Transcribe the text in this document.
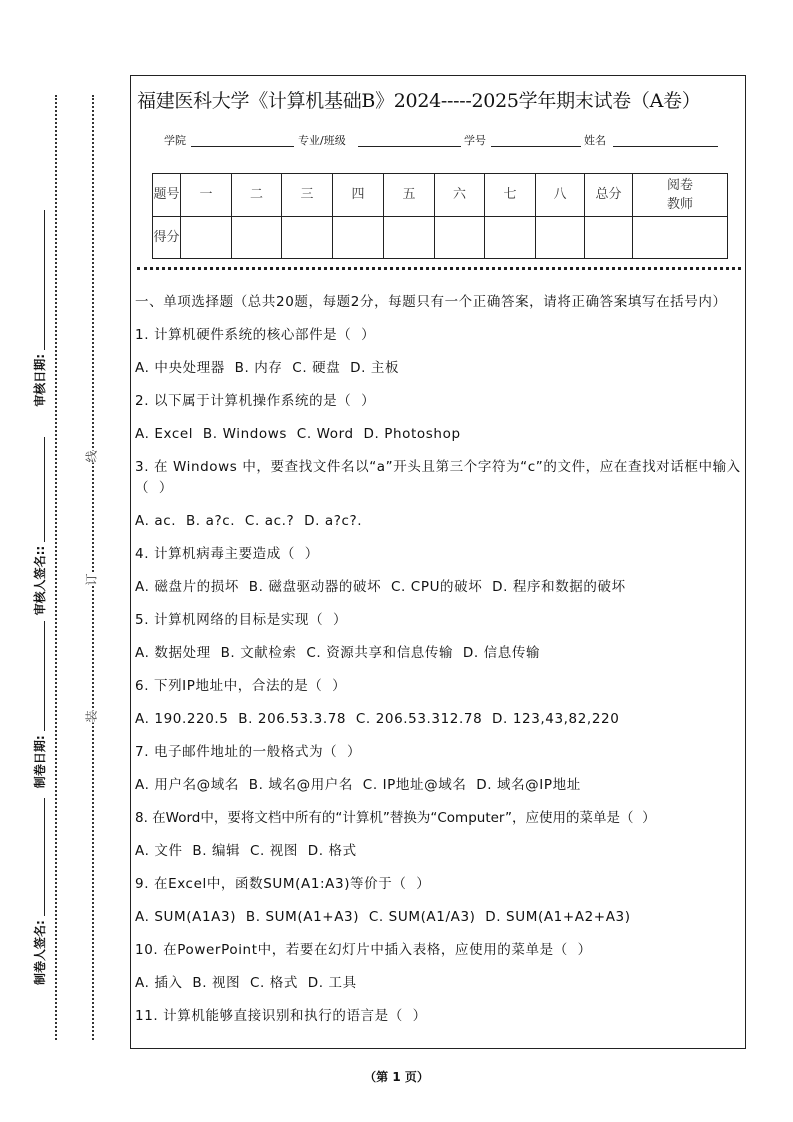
装
订
线
制卷人签名:
制卷日期:
审核人签名::
审核日期:
福建医科大学《计算机基础B》2024-----2025学年期末试卷（A卷）
学院	专业/班级	学号	姓名
题号	一	二	三	四	五	六	七	八	总分	阅卷教师
得分										

一、单项选择题（总共20题，每题2分，每题只有一个正确答案，请将正确答案填写在括号内）

1. 计算机硬件系统的核心部件是（  ）

A. 中央处理器  B. 内存  C. 硬盘  D. 主板

2. 以下属于计算机操作系统的是（  ）

A. Excel  B. Windows  C. Word  D. Photoshop

3. 在 Windows 中，要查找文件名以“a”开头且第三个字符为“c”的文件，应在查找对话框中输入（  ）

A. ac.  B. a?c.  C. ac.?  D. a?c?.

4. 计算机病毒主要造成（  ）

A. 磁盘片的损坏  B. 磁盘驱动器的破坏  C. CPU的破坏  D. 程序和数据的破坏

5. 计算机网络的目标是实现（  ）

A. 数据处理  B. 文献检索  C. 资源共享和信息传输  D. 信息传输

6. 下列IP地址中，合法的是（  ）

A. 190.220.5  B. 206.53.3.78  C. 206.53.312.78  D. 123,43,82,220

7. 电子邮件地址的一般格式为（  ）

A. 用户名@域名  B. 域名@用户名  C. IP地址@域名  D. 域名@IP地址

8. 在Word中，要将文档中所有的“计算机”替换为“Computer”，应使用的菜单是（  ）

A. 文件  B. 编辑  C. 视图  D. 格式

9. 在Excel中，函数SUM(A1:A3)等价于（  ）

A. SUM(A1A3)  B. SUM(A1+A3)  C. SUM(A1/A3)  D. SUM(A1+A2+A3)

10. 在PowerPoint中，若要在幻灯片中插入表格，应使用的菜单是（  ）

A. 插入  B. 视图  C. 格式  D. 工具

11. 计算机能够直接识别和执行的语言是（  ）

（第 1 页）
